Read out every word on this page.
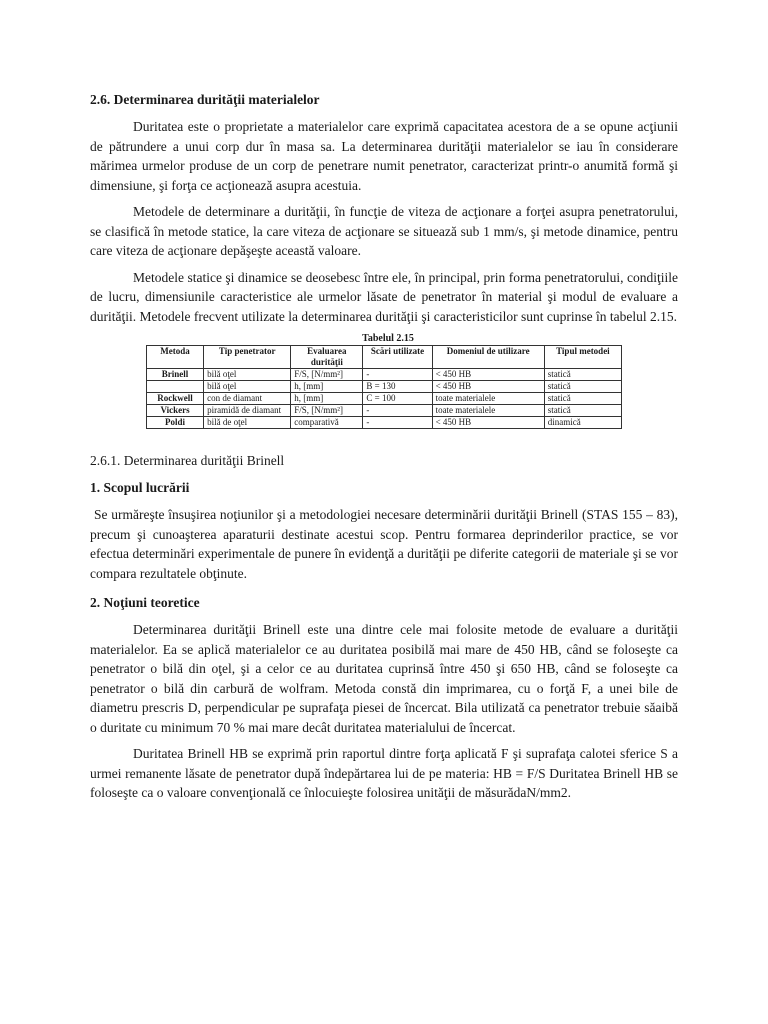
2.6. Determinarea durităţii materialelor

Duritatea este o proprietate a materialelor care exprimă capacitatea acestora de a se opune acţiunii de pătrundere a unui corp dur în masa sa. La determinarea durităţii materialelor se iau în considerare mărimea urmelor produse de un corp de penetrare numit penetrator, caracterizat printr-o anumită formă şi dimensiune, şi forţa ce acţionează asupra acestuia.

Metodele de determinare a durităţii, în funcţie de viteza de acţionare a forţei asupra penetratorului, se clasifică în metode statice, la care viteza de acţionare se situează sub 1 mm/s, şi metode dinamice, pentru care viteza de acţionare depăşeşte această valoare.

Metodele statice şi dinamice se deosebesc între ele, în principal, prin forma penetratorului, condiţiile de lucru, dimensiunile caracteristice ale urmelor lăsate de penetrator în material şi modul de evaluare a durităţii. Metodele frecvent utilizate la determinarea durităţii şi caracteristicilor sunt cuprinse în tabelul 2.15.

Tabelul 2.15
Metoda	Tip penetrator	Evaluarea durităţii	Scări utilizate	Domeniul de utilizare	Tipul metodei
Brinell	bilă oţel	F/S, [N/mm²]	-	< 450 HB	statică
	bilă oţel	h, [mm]	B = 130	< 450 HB	statică
Rockwell	con de diamant	h, [mm]	C = 100	toate materialele	statică
Vickers	piramidă de diamant	F/S, [N/mm²]	-	toate materialele	statică
Poldi	bilă de oţel	comparativă	-	< 450 HB	dinamică
2.6.1. Determinarea durităţii Brinell
1. Scopul lucrării

Se urmăreşte însuşirea noţiunilor şi a metodologiei necesare determinării durităţii Brinell (STAS 155 – 83), precum şi cunoaşterea aparaturii destinate acestui scop. Pentru formarea deprinderilor practice, se vor efectua determinări experimentale de punere în evidenţă a durităţii pe diferite categorii de materiale şi se vor compara rezultatele obţinute.

2. Noţiuni teoretice

Determinarea durităţii Brinell este una dintre cele mai folosite metode de evaluare a durităţii materialelor. Ea se aplică materialelor ce au duritatea posibilă mai mare de 450 HB, când se foloseşte ca penetrator o bilă din oţel, şi a celor ce au duritatea cuprinsă între 450 şi 650 HB, când se foloseşte ca penetrator o bilă din carbură de wolfram. Metoda constă din imprimarea, cu o forţă F, a unei bile de diametru prescris D, perpendicular pe suprafaţa piesei de încercat. Bila utilizată ca penetrator trebuie săaibă o duritate cu minimum 70 % mai mare decât duritatea materialului de încercat.

Duritatea Brinell HB se exprimă prin raportul dintre forţa aplicată F şi suprafaţa calotei sferice S a urmei remanente lăsate de penetrator după îndepărtarea lui de pe materia: HB = F/S Duritatea Brinell HB se foloseşte ca o valoare convenţională ce înlocuieşte folosirea unităţii de măsurădaN/mm2.
